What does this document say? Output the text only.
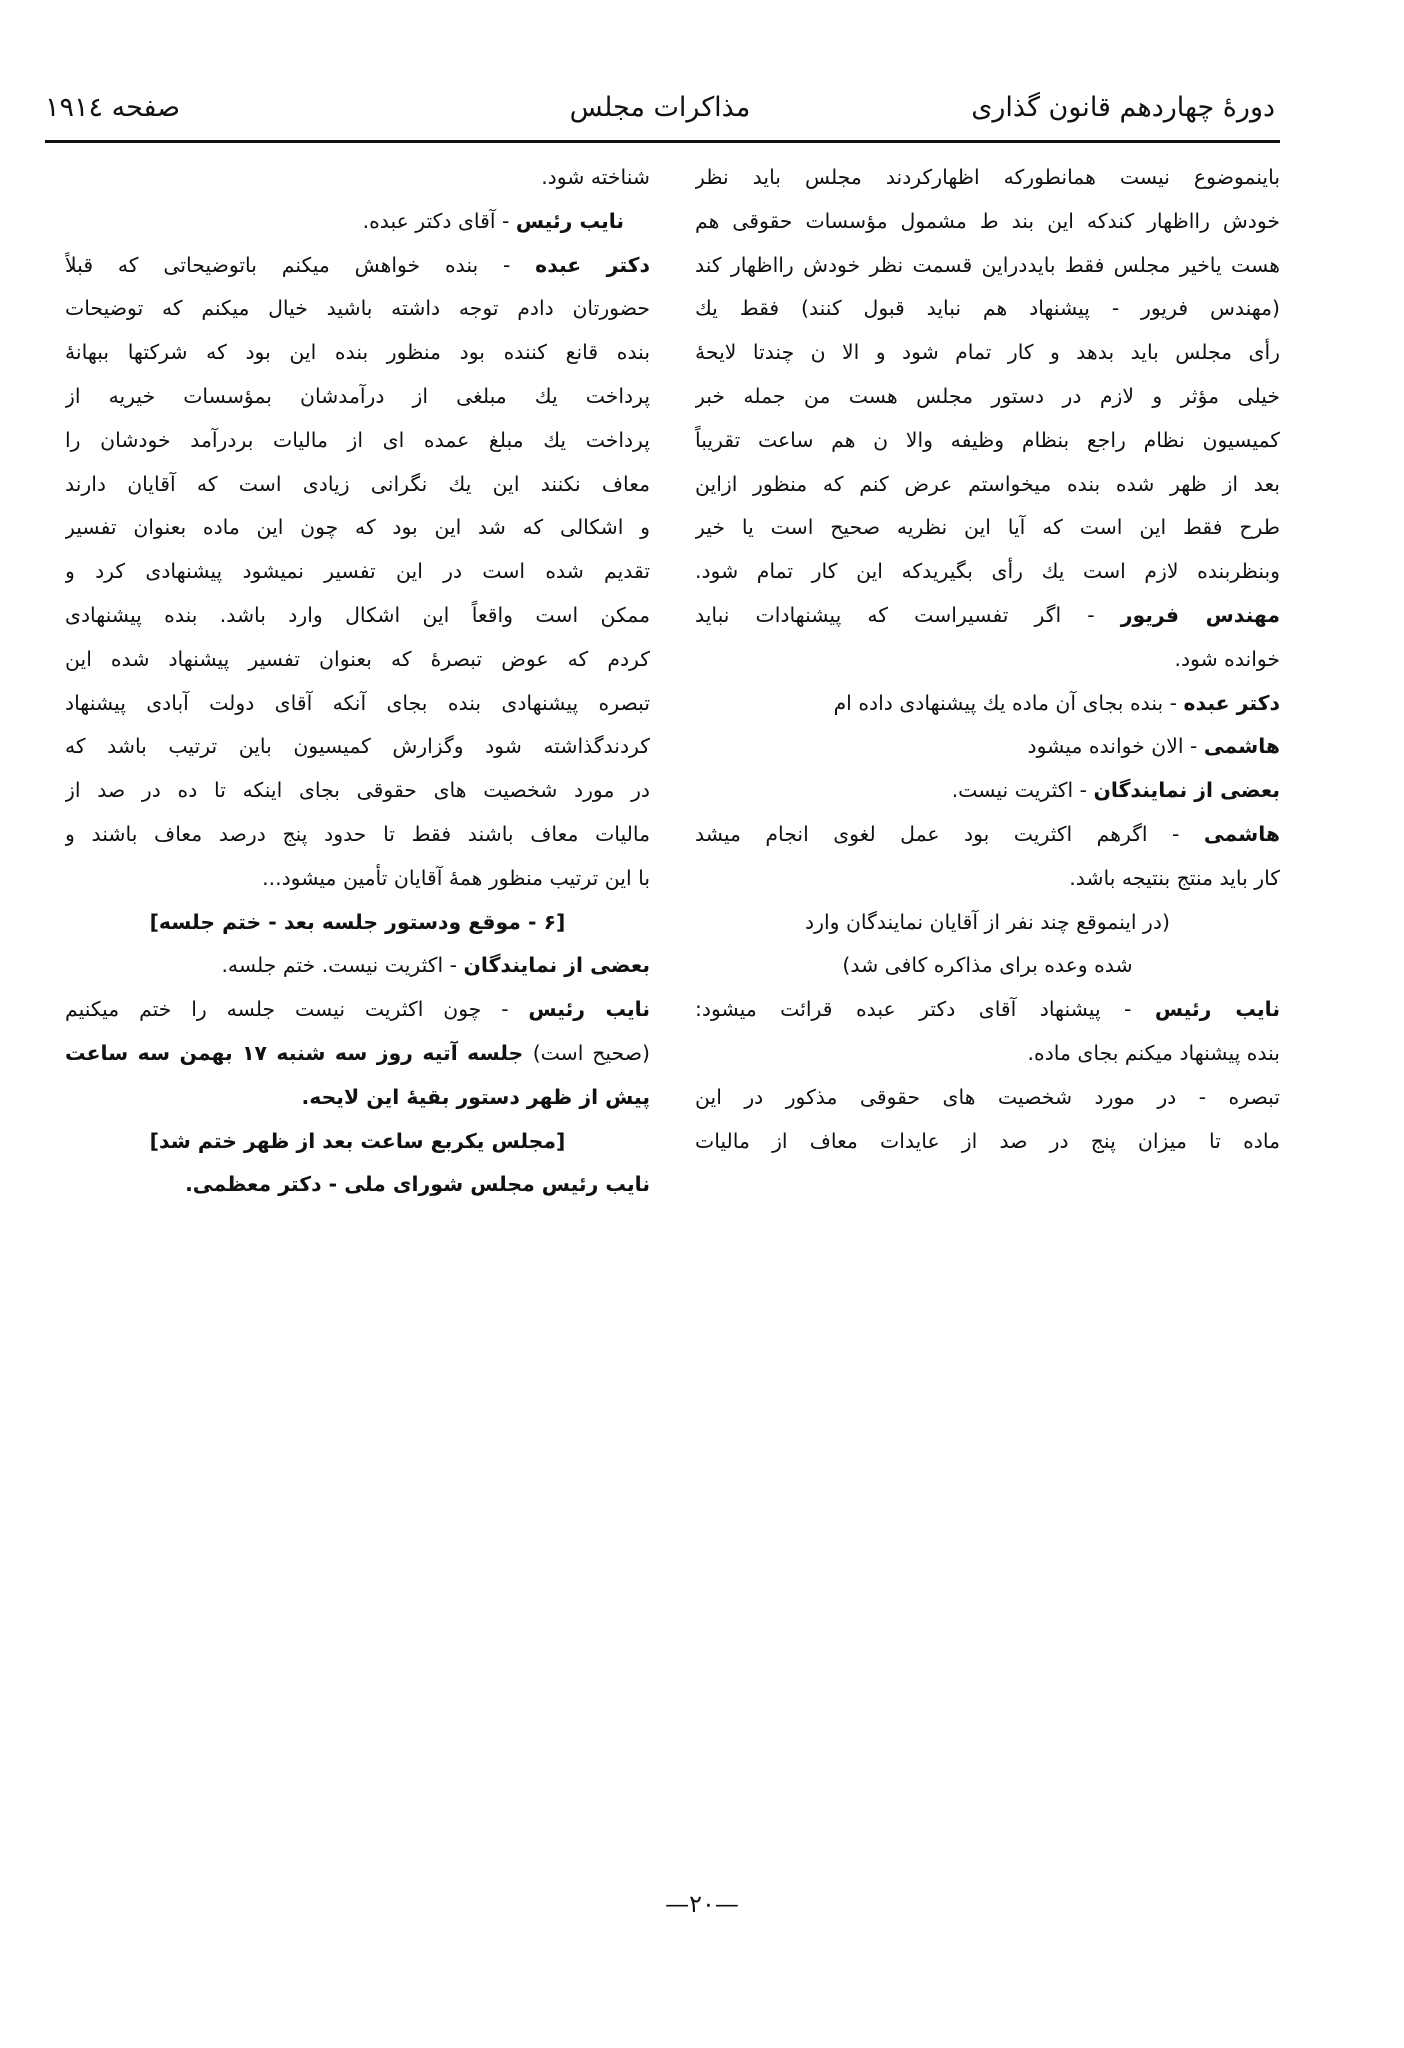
دورهٔ چهاردهم قانون گذاری
مذاکرات مجلس
صفحه ۱۹۱٤

باینموضوع نیست همانطورکه اظهارکردند مجلس باید نظر

خودش رااظهار کندکه این بند ط مشمول مؤسسات حقوقی هم

هست یاخیر مجلس فقط بایددراین قسمت نظر خودش رااظهار کند

(مهندس فریور - پیشنهاد هم نباید قبول کنند) فقط یك

رأی مجلس باید بدهد و کار تمام شود و الا ن چندتا لایحهٔ

خیلی مؤثر و لازم در دستور مجلس هست من جمله خبر

کمیسیون نظام راجع بنظام وظیفه والا ن هم ساعت تقریباً

بعد از ظهر شده بنده میخواستم عرض کنم که منظور ازاین

طرح فقط این است که آیا این نظریه صحیح است یا خیر

وبنظربنده لازم است یك رأی بگیریدکه این کار تمام شود.

مهندس فریور - اگر تفسیراست که پیشنهادات نباید

خوانده شود.

دکتر عبده - بنده بجای آن ماده یك پیشنهادی داده ام

هاشمی - الان خوانده میشود

بعضی از نمایندگان - اکثریت نیست.

هاشمی - اگرهم اکثریت بود عمل لغوی انجام میشد

کار باید منتج بنتیجه باشد.

(در اینموقع چند نفر از آقایان نمایندگان وارد

شده وعده برای مذاکره کافی شد)

نایب رئیس - پیشنهاد آقای دکتر عبده قرائت میشود:

بنده پیشنهاد میکنم بجای ماده.

تبصره - در مورد شخصیت های حقوقی مذکور در این

ماده تا میزان پنج در صد از عایدات معاف از مالیات

شناخته شود.

نایب رئیس - آقای دکتر عبده.

دکتر عبده - بنده خواهش میکنم باتوضیحاتی که قبلاً

حضورتان دادم توجه داشته باشید خیال میکنم که توضیحات

بنده قانع کننده بود منظور بنده این بود که شرکتها ببهانهٔ

پرداخت یك مبلغی از درآمدشان بمؤسسات خیریه از

پرداخت یك مبلغ عمده ای از مالیات بردرآمد خودشان را

معاف نکنند این یك نگرانی زیادی است که آقایان دارند

و اشکالی که شد این بود که چون این ماده بعنوان تفسیر

تقدیم شده است در این تفسیر نمیشود پیشنهادی کرد و

ممکن است واقعاً این اشکال وارد باشد. بنده پیشنهادی

کردم که عوض تبصرهٔ که بعنوان تفسیر پیشنهاد شده این

تبصره پیشنهادی بنده بجای آنکه آقای دولت آبادی پیشنهاد

کردندگذاشته شود وگزارش کمیسیون باین ترتیب باشد که

در مورد شخصیت های حقوقی بجای اینکه تا ده در صد از

مالیات معاف باشند فقط تا حدود پنج درصد معاف باشند و

با این ترتیب منظور همهٔ آقایان تأمین میشود...

[۶ - موقع ودستور جلسه بعد - ختم جلسه]

بعضی از نمایندگان - اکثریت نیست. ختم جلسه.

نایب رئیس - چون اکثریت نیست جلسه را ختم میکنیم

(صحیح است) جلسه آتیه روز سه شنبه ۱۷ بهمن سه ساعت

پیش از ظهر دستور بقیهٔ این لایحه.

[مجلس یکربع ساعت بعد از ظهر ختم شد]

نایب رئیس مجلس شورای ملی - دکتر معظمی.

—۲۰—
